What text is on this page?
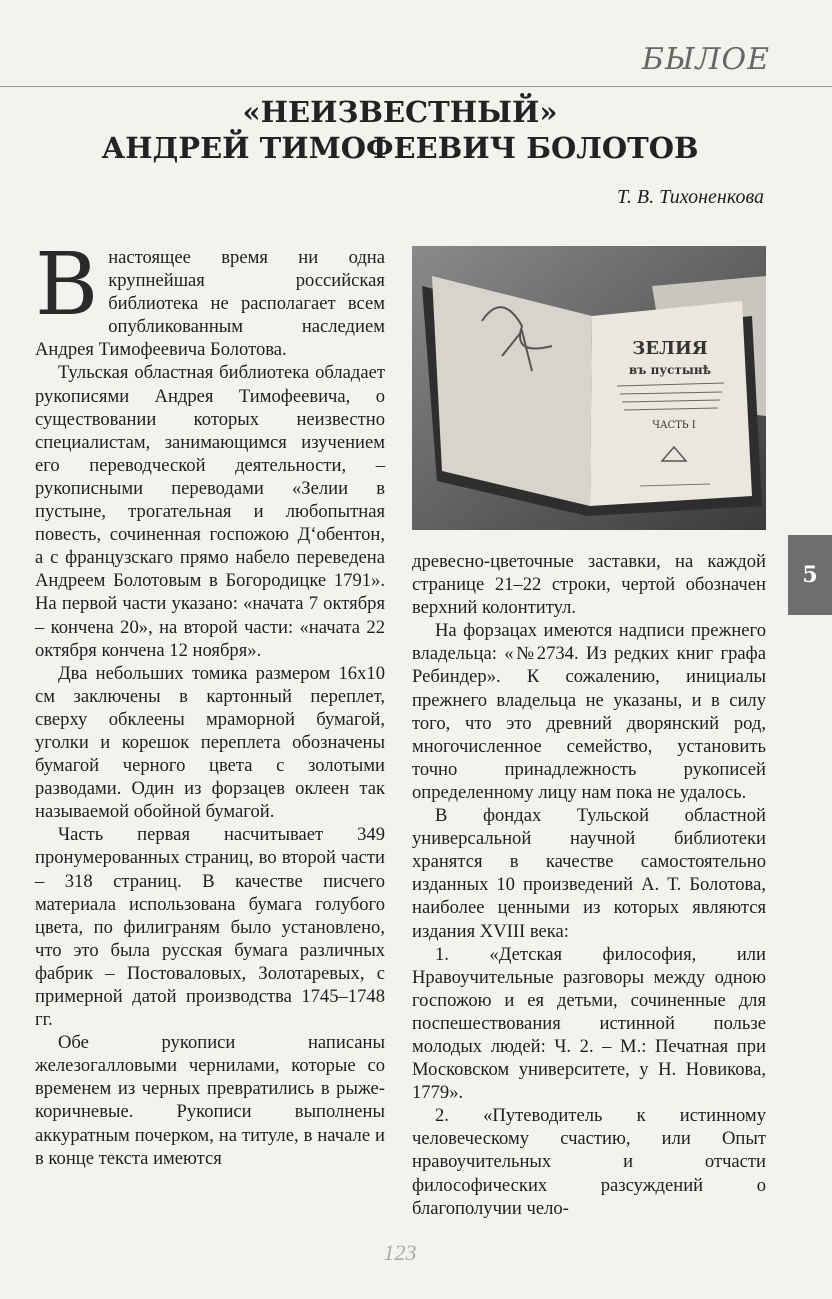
БЫЛОЕ
«НЕИЗВЕСТНЫЙ»
АНДРЕЙ ТИМОФЕЕВИЧ БОЛОТОВ
Т. В. Тихоненкова

Внастоящее время ни одна крупнейшая российская библиотека не располагает всем опубликованным наследием Андрея Тимофеевича Болотова.

Тульская областная библиотека обладает рукописями Андрея Тимофеевича, о существовании которых неизвестно специалистам, занимающимся изучением его переводческой деятельности, – рукописными переводами «Зелии в пустыне, трогательная и любопытная повесть, сочиненная госпожою Д‘обентон, а с французскаго прямо набело переведена Андреем Болотовым в Богородицке 1791». На первой части указано: «начата 7 октября – кончена 20», на второй части: «начата 22 октября кончена 12 ноября».

Два небольших томика размером 16х10 см заключены в картонный переплет, сверху обклеены мраморной бумагой, уголки и корешок переплета обозначены бумагой черного цвета с золотыми разводами. Один из форзацев оклеен так называемой обойной бумагой.

Часть первая насчитывает 349 пронумерованных страниц, во второй части – 318 страниц. В качестве писчего материала использована бумага голубого цвета, по филиграням было установлено, что это была русская бумага различных фабрик – Постоваловых, Золотаревых, с примерной датой производства 1745–1748 гг.

Обе рукописи написаны железогалловыми чернилами, которые со временем из черных превратились в рыже-коричневые. Рукописи выполнены аккуратным почерком, на титуле, в начале и в конце текста имеются

ЗЕЛИЯ
въ пустынѣ
ЧАСТЬ I

древесно-цветочные заставки, на каждой странице 21–22 строки, чертой обозначен верхний колонтитул.

На форзацах имеются надписи прежнего владельца: «№2734. Из редких книг графа Ребиндер». К сожалению, инициалы прежнего владельца не указаны, и в силу того, что это древний дворянский род, многочисленное семейство, установить точно принадлежность рукописей определенному лицу нам пока не удалось.

В фондах Тульской областной универсальной научной библиотеки хранятся в качестве самостоятельно изданных 10 произведений А. Т. Болотова, наиболее ценными из которых являются издания XVIII века:

1. «Детская философия, или Нравоучительные разговоры между одною госпожою и ея детьми, сочиненные для поспешествования истинной пользе молодых людей: Ч. 2. – М.: Печатная при Московском университете, у Н. Новикова, 1779».

2. «Путеводитель к истинному человеческому счастию, или Опыт нравоучительных и отчасти философических разсуждений о благополучии чело-

5
123
